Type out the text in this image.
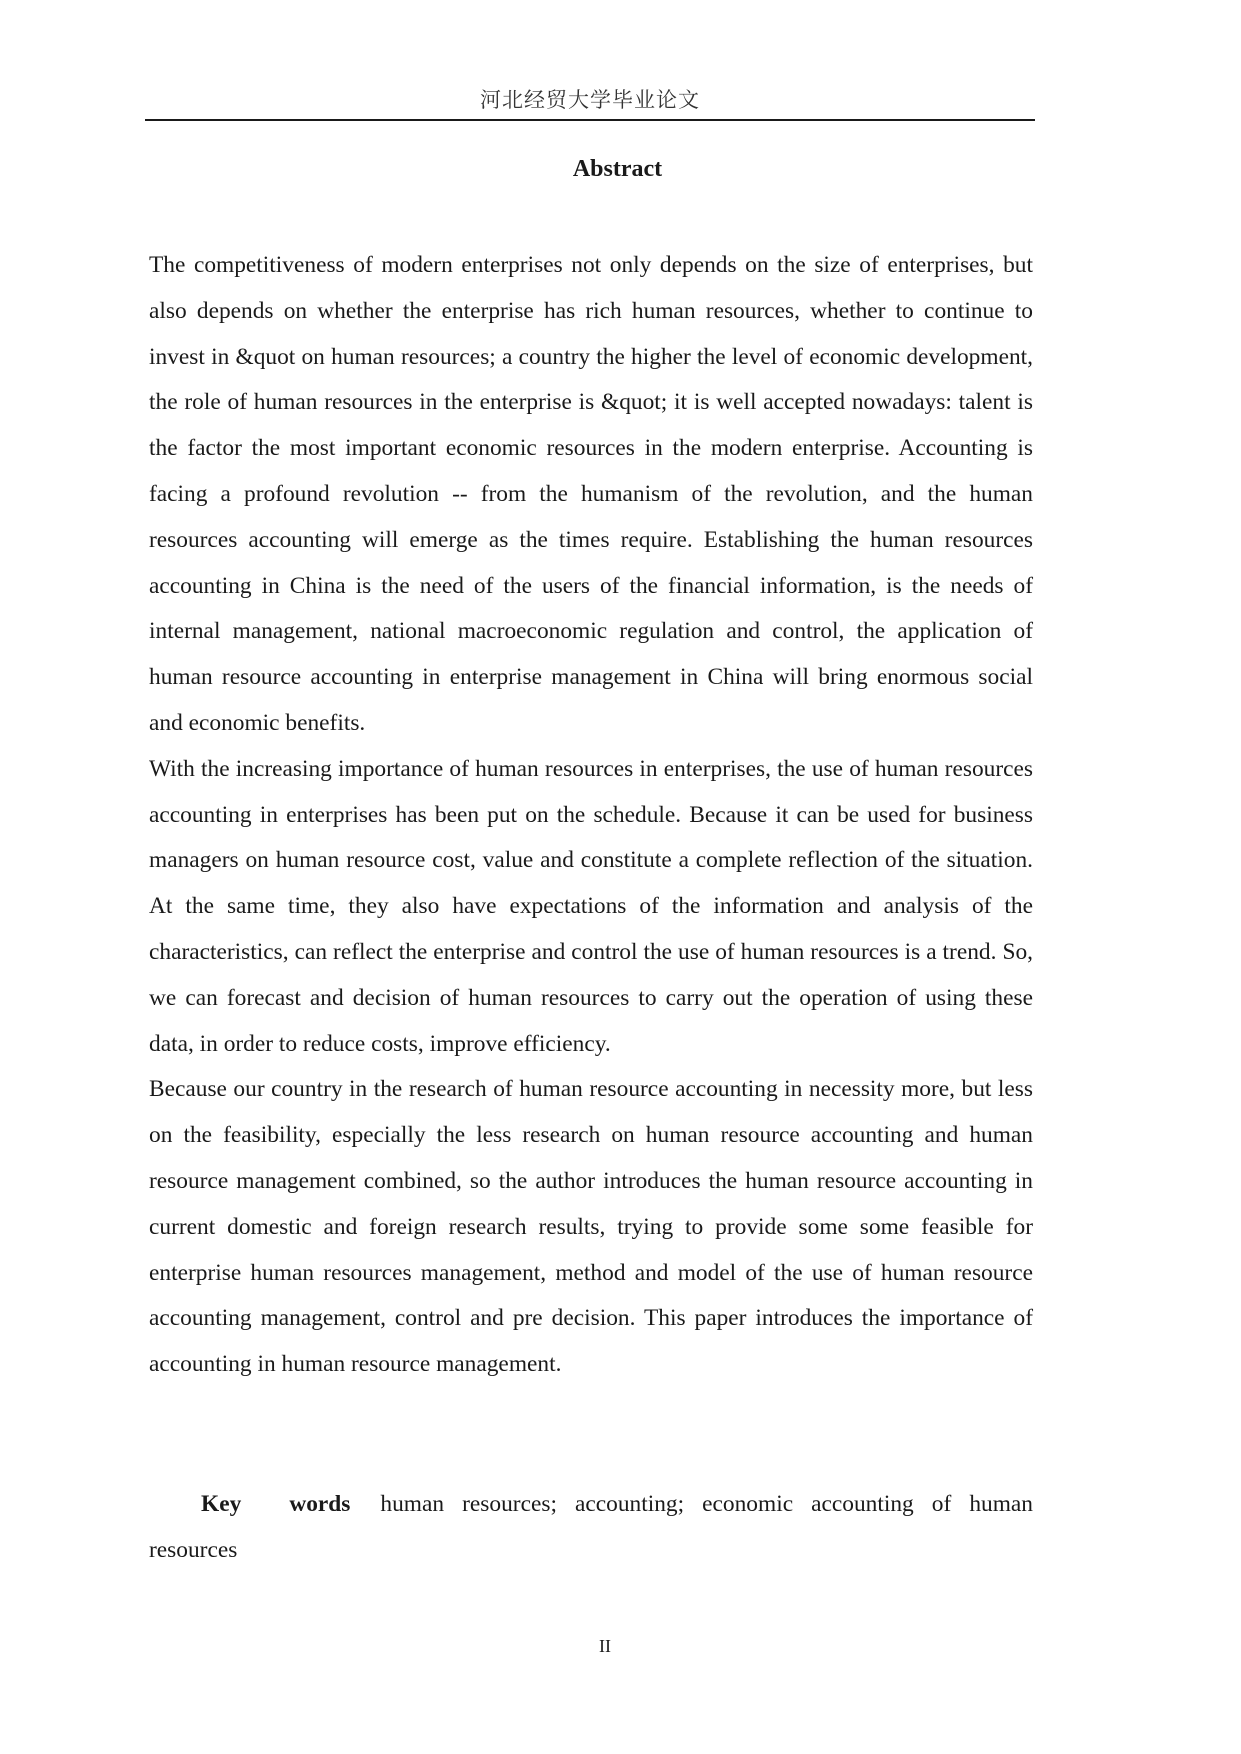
河北经贸大学毕业论文
Abstract

The competitiveness of modern enterprises not only depends on the size of enterprises, but also depends on whether the enterprise has rich human resources, whether to continue to invest in &quot on human resources; a country the higher the level of economic development, the role of human resources in the enterprise is &quot; it is well accepted nowadays: talent is the factor the most important economic resources in the modern enterprise. Accounting is facing a profound revolution -- from the humanism of the revolution, and the human resources accounting will emerge as the times require. Establishing the human resources accounting in China is the need of the users of the financial information, is the needs of internal management, national macroeconomic regulation and control, the application of human resource accounting in enterprise management in China will bring enormous social and economic benefits.

With the increasing importance of human resources in enterprises, the use of human resources accounting in enterprises has been put on the schedule. Because it can be used for business managers on human resource cost, value and constitute a complete reflection of the situation. At the same time, they also have expectations of the information and analysis of the characteristics, can reflect the enterprise and control the use of human resources is a trend. So, we can forecast and decision of human resources to carry out the operation of using these data, in order to reduce costs, improve efficiency.

Because our country in the research of human resource accounting in necessity more, but less on the feasibility, especially the less research on human resource accounting and human resource management combined, so the author introduces the human resource accounting in current domestic and foreign research results, trying to provide some some feasible for enterprise human resources management, method and model of the use of human resource accounting management, control and pre decision. This paper introduces the importance of accounting in human resource management.

Key words human resources; accounting; economic accounting of human resources
II
